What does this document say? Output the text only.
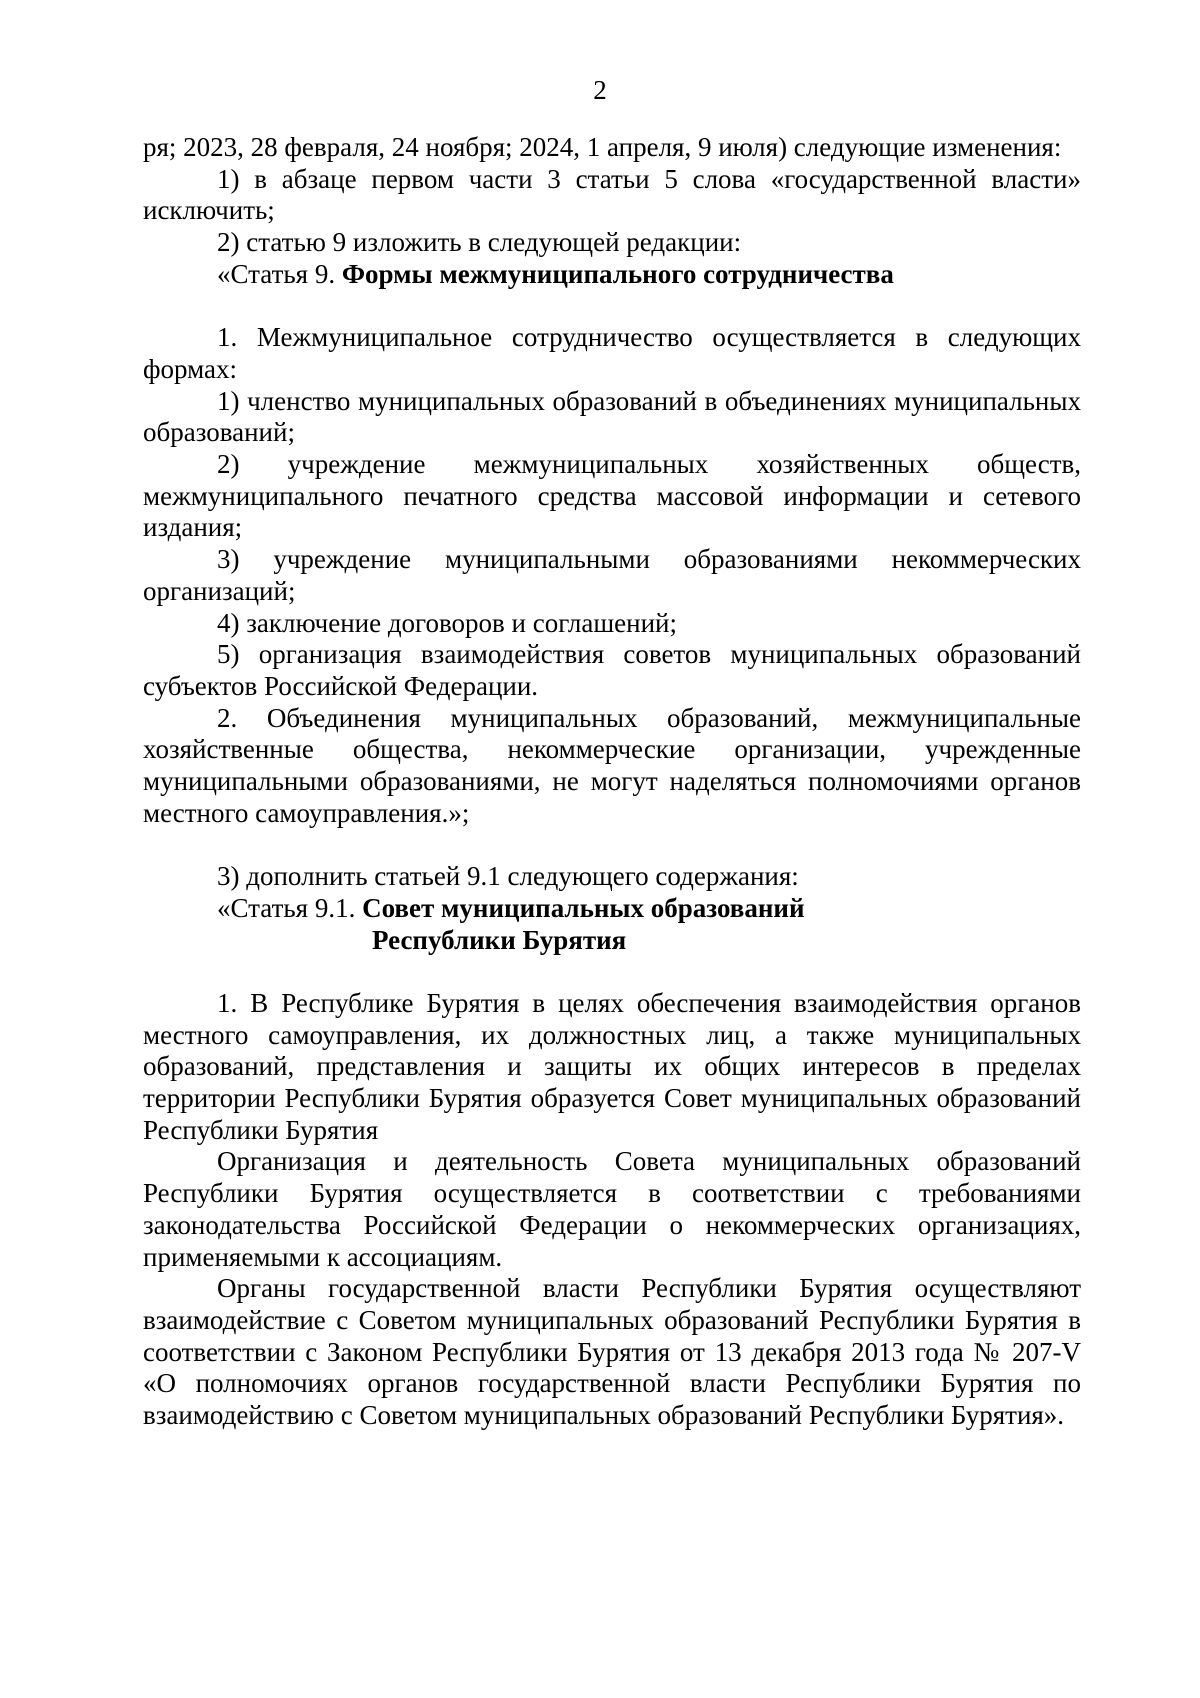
2

ря; 2023, 28 февраля, 24 ноября; 2024, 1 апреля, 9 июля) следующие изменения:

1) в абзаце первом части 3 статьи 5 слова «государственной власти» исключить;

2) статью 9 изложить в следующей редакции:

«Статья 9. Формы межмуниципального сотрудничества

1. Межмуниципальное сотрудничество осуществляется в следующих формах:

1) членство муниципальных образований в объединениях муниципальных образований;

2) учреждение межмуниципальных хозяйственных обществ, межмуниципального печатного средства массовой информации и сетевого издания;

3) учреждение муниципальными образованиями некоммерческих организаций;

4) заключение договоров и соглашений;

5) организация взаимодействия советов муниципальных образований субъектов Российской Федерации.

2. Объединения муниципальных образований, межмуниципальные хозяйственные общества, некоммерческие организации, учрежденные муниципальными образованиями, не могут наделяться полномочиями органов местного самоуправления.»;

3) дополнить статьей 9.1 следующего содержания:

«Статья 9.1. Совет муниципальных образований
Республики Бурятия

1. В Республике Бурятия в целях обеспечения взаимодействия органов местного самоуправления, их должностных лиц, а также муниципальных образований, представления и защиты их общих интересов в пределах территории Республики Бурятия образуется Совет муниципальных образований Республики Бурятия

Организация и деятельность Совета муниципальных образований Республики Бурятия осуществляется в соответствии с требованиями законодательства Российской Федерации о некоммерческих организациях, применяемыми к ассоциациям.

Органы государственной власти Республики Бурятия осуществляют взаимодействие с Советом муниципальных образований Республики Бурятия в соответствии с Законом Республики Бурятия от 13 декабря 2013 года № 207-V «О полномочиях органов государственной власти Республики Бурятия по взаимодействию с Советом муниципальных образований Республики Бурятия».
